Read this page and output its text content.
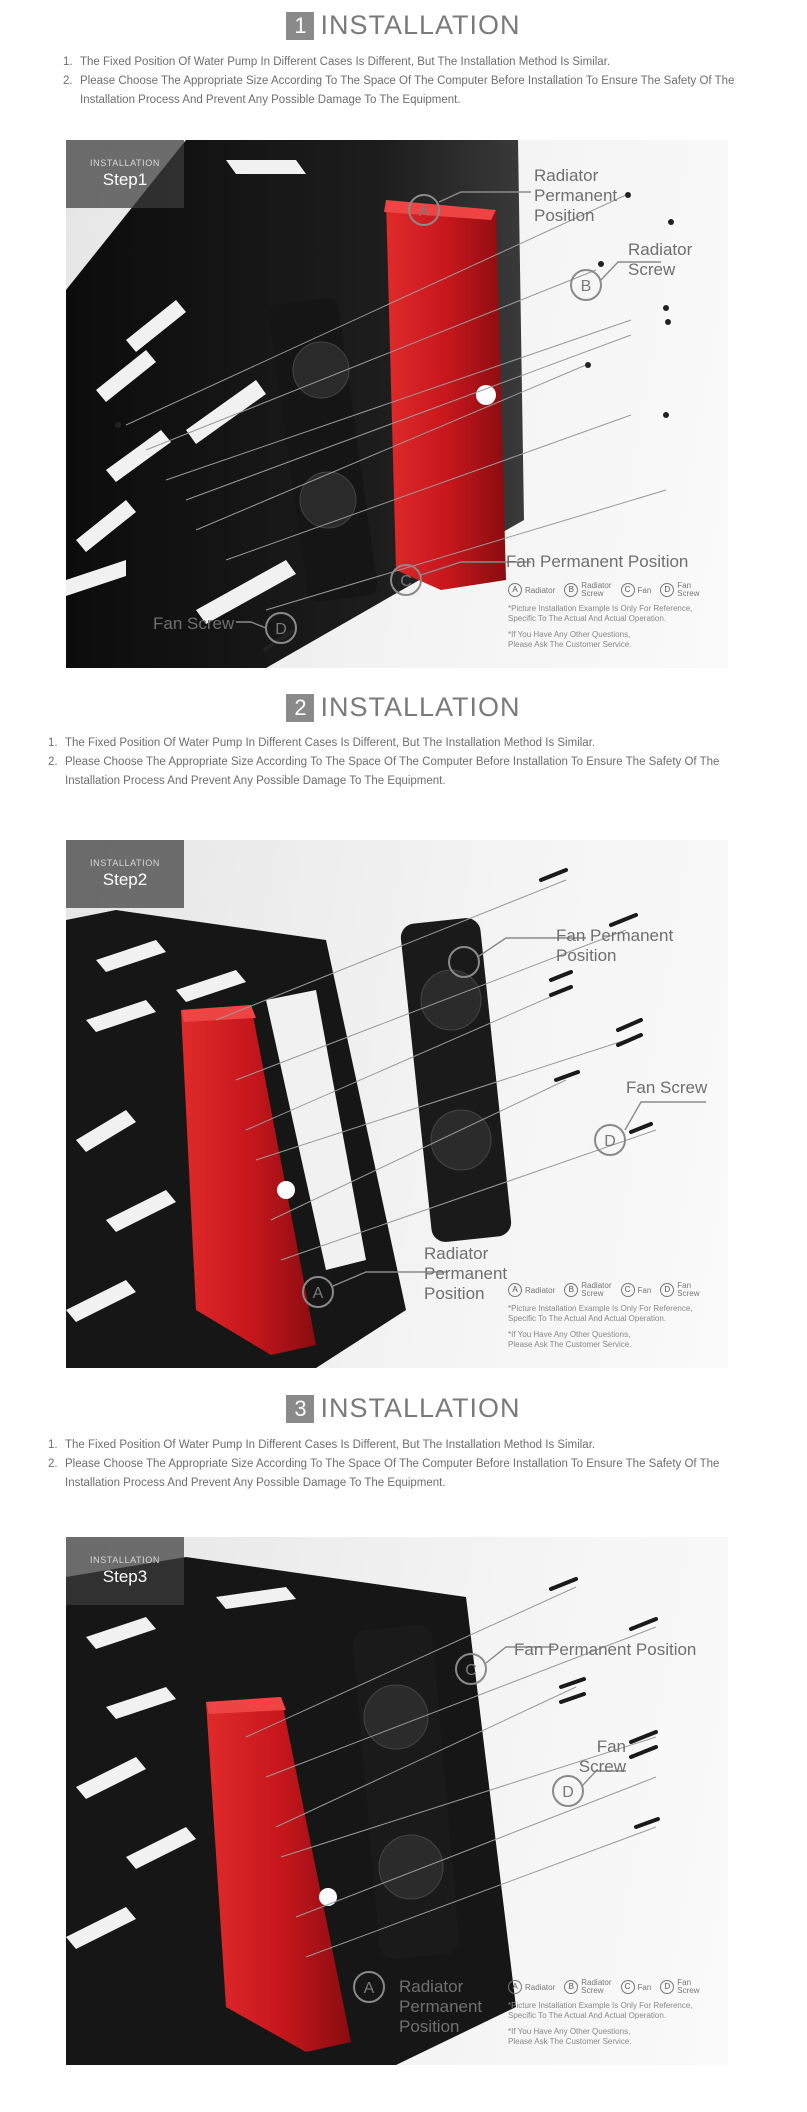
1 INSTALLATION
1. The Fixed Position Of Water Pump In Different Cases Is Different, But The Installation Method Is Similar.
2. Please Choose The Appropriate Size According To The Space Of The Computer Before Installation To Ensure The Safety Of The Installation Process And Prevent Any Possible Damage To The Equipment.
A
B
C
D
INSTALLATION
Step1	Radiator
Permanent
Position
Radiator
Screw
Fan Permanent Position
Fan Screw
A Radiator	B Radiator
Screw	C Fan	D Fan
Screw
*Picture Installation Example Is Only For Reference,
Specific To The Actual And Actual Operation.
*If You Have Any Other Questions,
Please Ask The Customer Service.
2 INSTALLATION
1. The Fixed Position Of Water Pump In Different Cases Is Different, But The Installation Method Is Similar.
2. Please Choose The Appropriate Size According To The Space Of The Computer Before Installation To Ensure The Safety Of The Installation Process And Prevent Any Possible Damage To The Equipment.
D
A
INSTALLATION
Step2
Fan Permanent
Position
Fan Screw
Radiator
Permanent
Position	A Radiator	B Radiator
Screw	C Fan	D Fan
Screw
*Picture Installation Example Is Only For Reference,
Specific To The Actual And Actual Operation.
*If You Have Any Other Questions,
Please Ask The Customer Service.
3 INSTALLATION
1. The Fixed Position Of Water Pump In Different Cases Is Different, But The Installation Method Is Similar.
2. Please Choose The Appropriate Size According To The Space Of The Computer Before Installation To Ensure The Safety Of The Installation Process And Prevent Any Possible Damage To The Equipment.
C
D
A
INSTALLATION
Step3
Fan Permanent Position
Fan
Screw
Radiator
Permanent
Position
A Radiator	B Radiator
Screw	C Fan	D Fan
Screw
*Picture Installation Example Is Only For Reference,
Specific To The Actual And Actual Operation.
*If You Have Any Other Questions,
Please Ask The Customer Service.
